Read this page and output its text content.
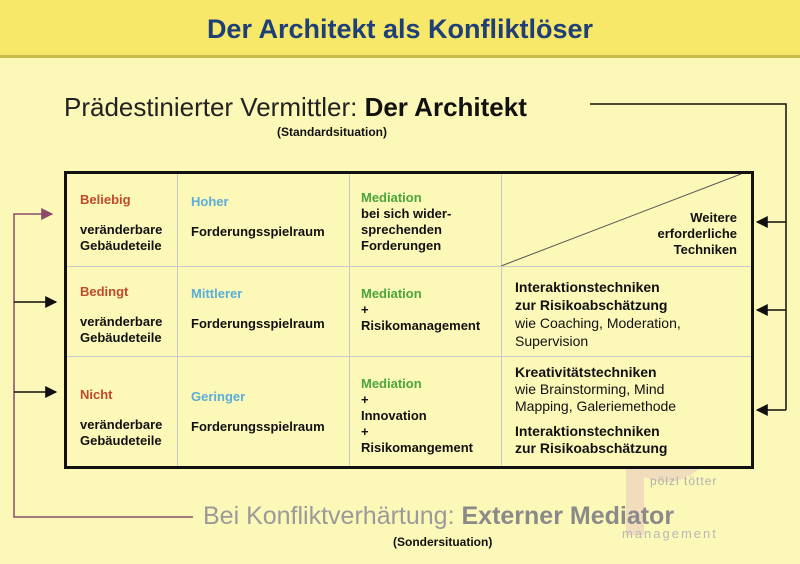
Der Architekt als Konfliktlöser
Prädestinierter Vermittler: Der Architekt
(Standardsituation)
pölzl tötter
management
Beliebig
veränderbare
Gebäudeteile
Hoher
Forderungsspielraum
Mediation
bei sich wider-
sprechenden
Forderungen
Weitere
erforderliche
Techniken
Bedingt
veränderbare
Gebäudeteile
Mittlerer
Forderungsspielraum
Mediation
+
Risikomanagement
Interaktionstechniken
zur Risikoabschätzung
wie Coaching, Moderation,
Supervision
Nicht
veränderbare
Gebäudeteile
Geringer
Forderungsspielraum
Mediation
+
Innovation
+
Risikomangement
Kreativitätstechniken
wie Brainstorming, Mind
Mapping, Galeriemethode

Interaktionstechniken
zur Risikoabschätzung
Bei Konfliktverhärtung: Externer Mediator
(Sondersituation)
